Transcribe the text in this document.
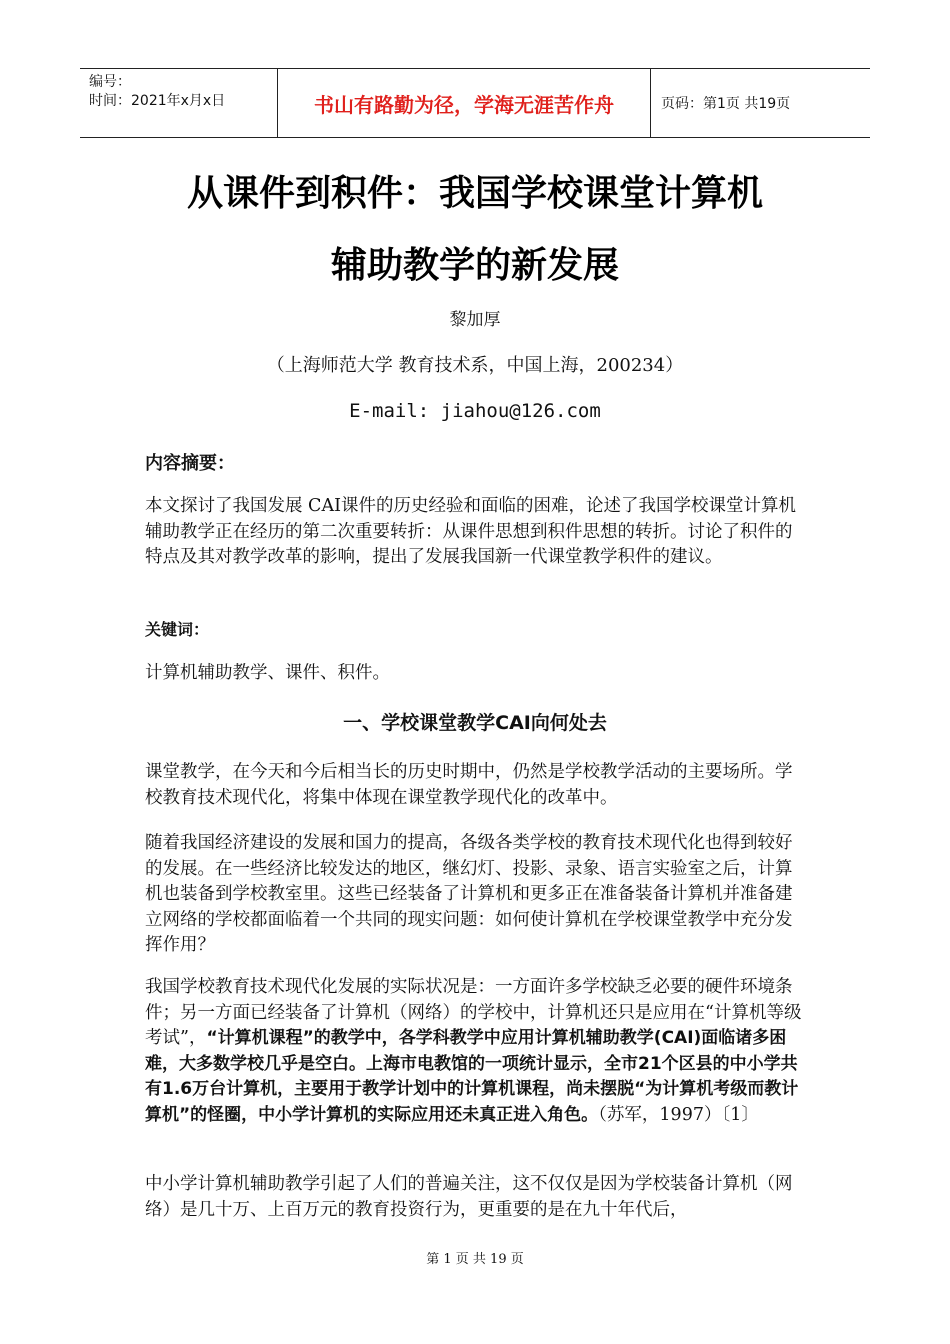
编号：
时间：2021年x月x日	书山有路勤为径，学海无涯苦作舟	页码：第1页 共19页
从课件到积件：我国学校课堂计算机
辅助教学的新发展
黎加厚
（上海师范大学 教育技术系，中国上海，200234）
E-mail: jiahou@126.com
内容摘要：
本文探讨了我国发展 CAI课件的历史经验和面临的困难，论述了我国学校课堂计算机辅助教学正在经历的第二次重要转折：从课件思想到积件思想的转折。讨论了积件的特点及其对教学改革的影响，提出了发展我国新一代课堂教学积件的建议。
关键词：
计算机辅助教学、课件、积件。
一、学校课堂教学CAI向何处去
课堂教学，在今天和今后相当长的历史时期中，仍然是学校教学活动的主要场所。学校教育技术现代化，将集中体现在课堂教学现代化的改革中。
随着我国经济建设的发展和国力的提高，各级各类学校的教育技术现代化也得到较好的发展。在一些经济比较发达的地区，继幻灯、投影、录象、语言实验室之后，计算机也装备到学校教室里。这些已经装备了计算机和更多正在准备装备计算机并准备建立网络的学校都面临着一个共同的现实问题：如何使计算机在学校课堂教学中充分发挥作用？
我国学校教育技术现代化发展的实际状况是：一方面许多学校缺乏必要的硬件环境条件；另一方面已经装备了计算机（网络）的学校中，计算机还只是应用在“计算机等级考试”，“计算机课程”的教学中，各学科教学中应用计算机辅助教学(CAI)面临诸多困难，大多数学校几乎是空白。上海市电教馆的一项统计显示，全市21个区县的中小学共有1.6万台计算机，主要用于教学计划中的计算机课程，尚未摆脱“为计算机考级而教计算机”的怪圈，中小学计算机的实际应用还未真正进入角色。（苏军，1997）〔1〕
中小学计算机辅助教学引起了人们的普遍关注，这不仅仅是因为学校装备计算机（网络）是几十万、上百万元的教育投资行为，更重要的是在九十年代后，
第 1 页 共 19 页
